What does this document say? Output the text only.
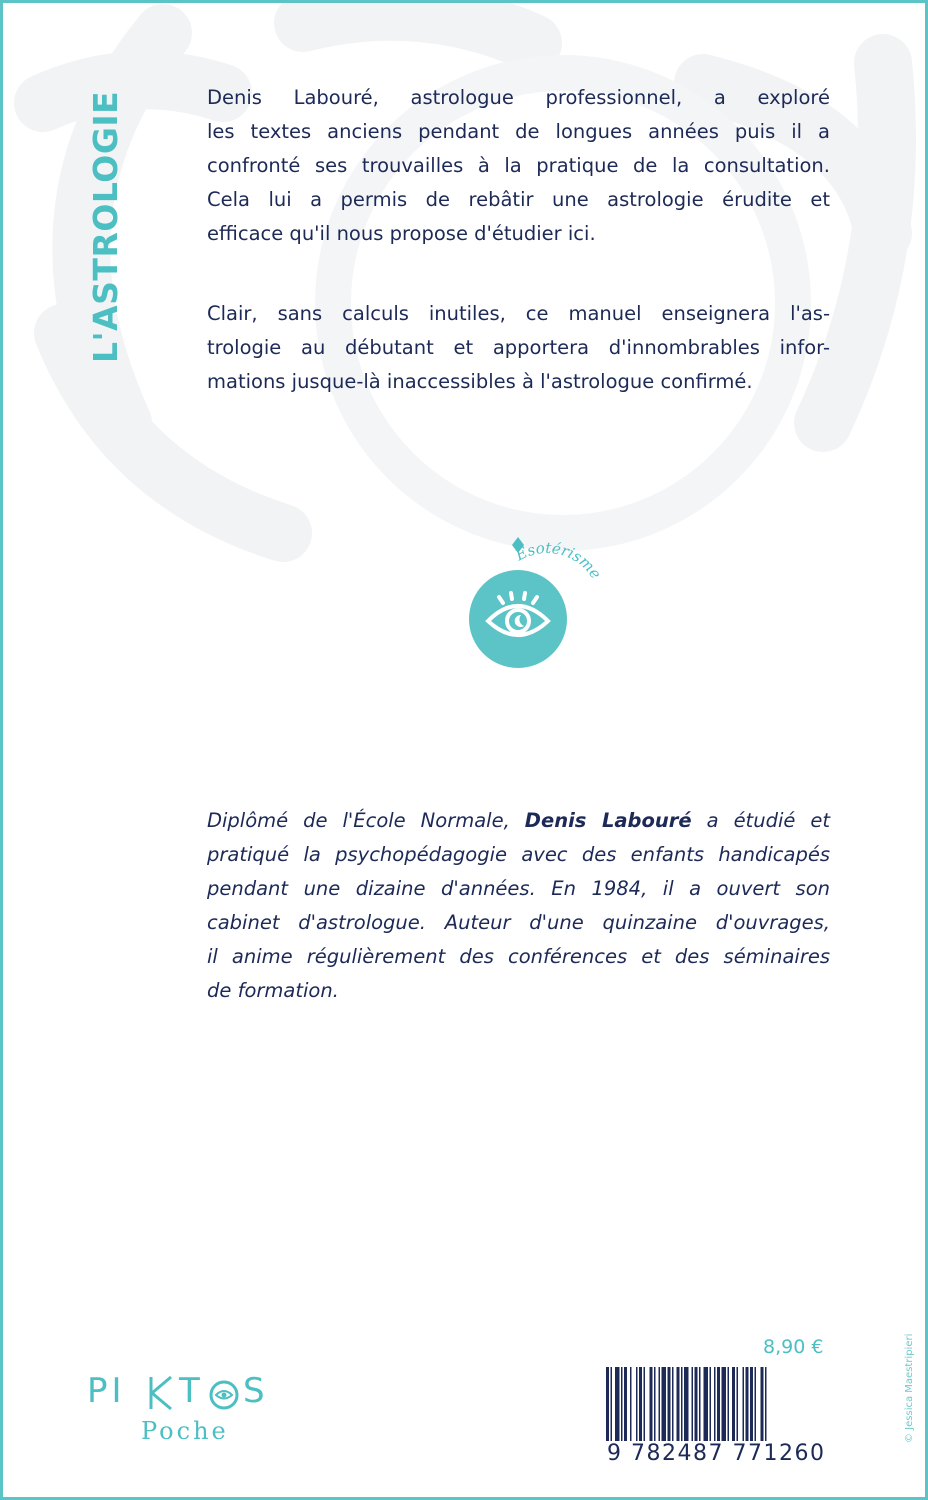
L'ASTROLOGIE	Denis Labouré, astrologue professionnel, a exploré
les textes anciens pendant de longues années puis il a
confronté ses trouvailles à la pratique de la consultation.
Cela lui a permis de rebâtir une astrologie érudite et
efficace qu'il nous propose d'étudier ici.
Clair, sans calculs inutiles, ce manuel enseignera l'as-
trologie au débutant et apportera d'innombrables infor-
mations jusque-là inaccessibles à l'astrologue confirmé.
Ésotérisme
Diplômé de l'École Normale, Denis Labouré a étudié et
pratiqué la psychopédagogie avec des enfants handicapés
pendant une dizaine d'années. En 1984, il a ouvert son
cabinet d'astrologue. Auteur d'une quinzaine d'ouvrages,
il anime régulièrement des conférences et des séminaires
de formation.
PI T S
Poche
8,90 €
9 782487 771260
© Jessica Maestripieri
